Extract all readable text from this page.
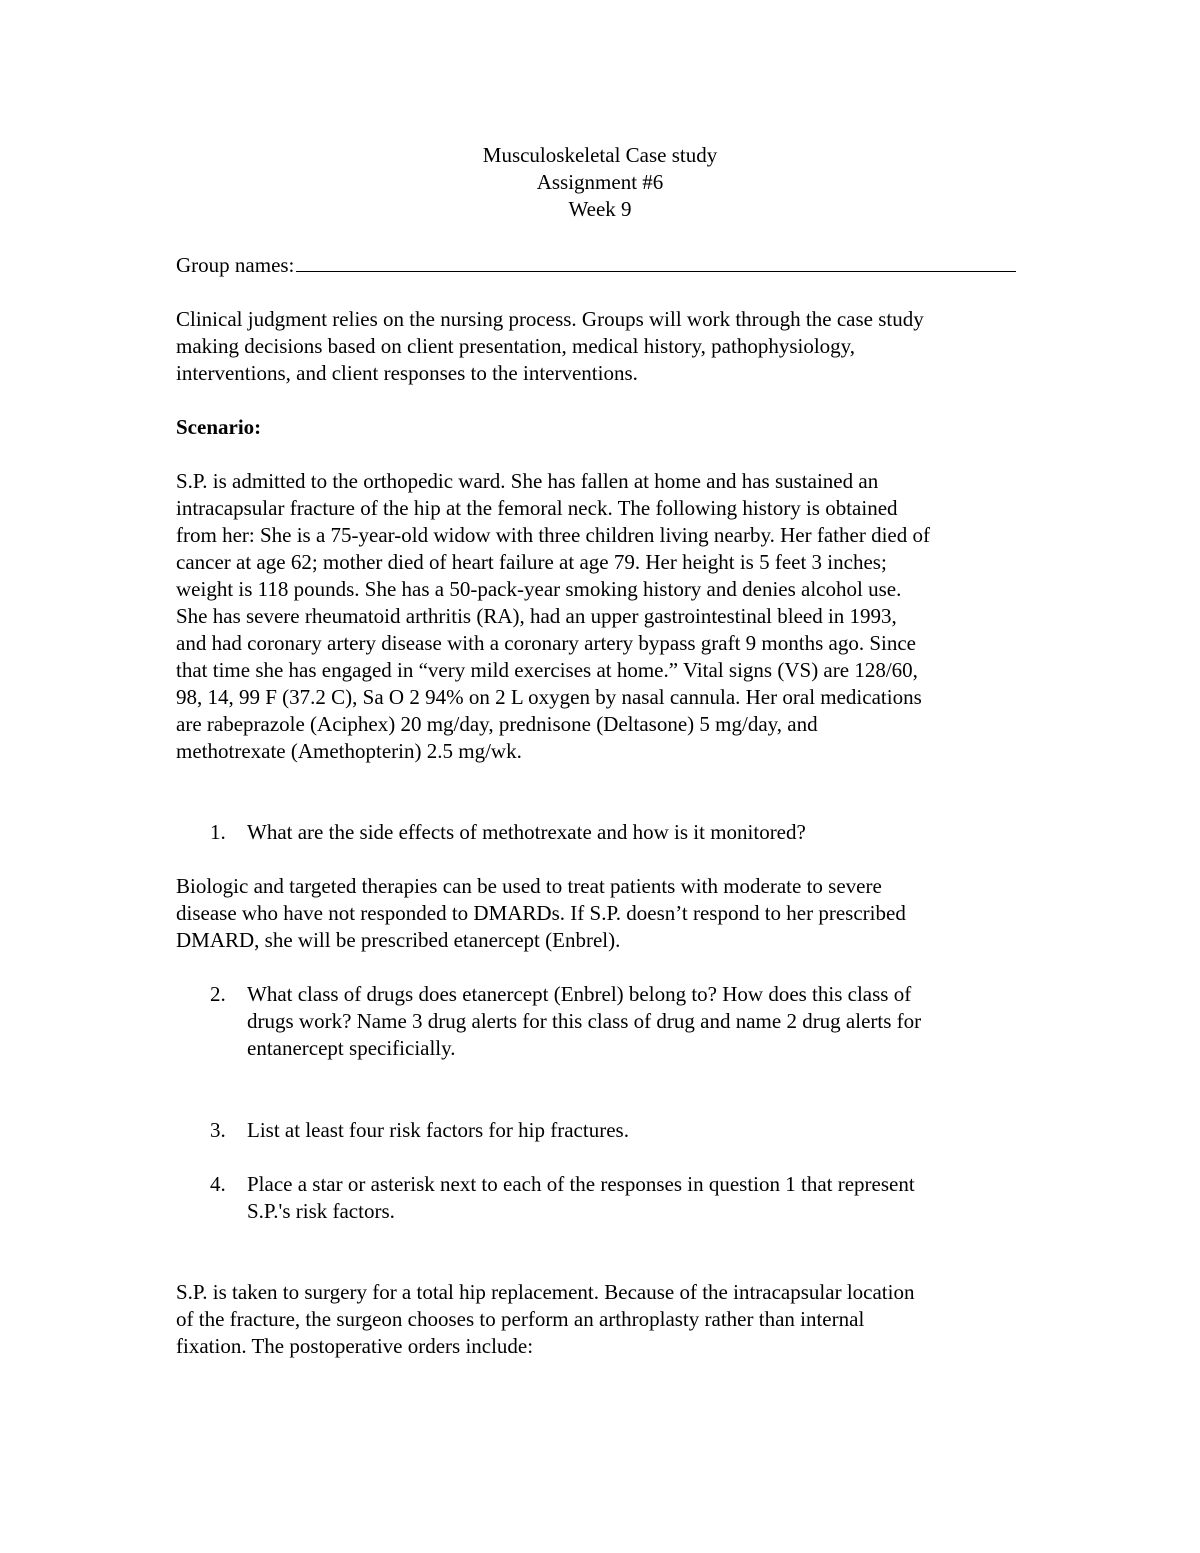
Musculoskeletal Case study
Assignment #6
Week 9
Group names:
Clinical judgment relies on the nursing process. Groups will work through the case study
making decisions based on client presentation, medical history, pathophysiology,
interventions, and client responses to the interventions.
Scenario:
S.P. is admitted to the orthopedic ward. She has fallen at home and has sustained an
intracapsular fracture of the hip at the femoral neck. The following history is obtained
from her: She is a 75-year-old widow with three children living nearby. Her father died of
cancer at age 62; mother died of heart failure at age 79. Her height is 5 feet 3 inches;
weight is 118 pounds. She has a 50-pack-year smoking history and denies alcohol use.
She has severe rheumatoid arthritis (RA), had an upper gastrointestinal bleed in 1993,
and had coronary artery disease with a coronary artery bypass graft 9 months ago. Since
that time she has engaged in “very mild exercises at home.” Vital signs (VS) are 128/60,
98, 14, 99 F (37.2 C), Sa O 2 94% on 2 L oxygen by nasal cannula. Her oral medications
are rabeprazole (Aciphex) 20 mg/day, prednisone (Deltasone) 5 mg/day, and
methotrexate (Amethopterin) 2.5 mg/wk.
1.	What are the side effects of methotrexate and how is it monitored?
Biologic and targeted therapies can be used to treat patients with moderate to severe
disease who have not responded to DMARDs. If S.P. doesn’t respond to her prescribed
DMARD, she will be prescribed etanercept (Enbrel).
2.	What class of drugs does etanercept (Enbrel) belong to? How does this class of
drugs work? Name 3 drug alerts for this class of drug and name 2 drug alerts for
entanercept specificially.
3.	List at least four risk factors for hip fractures.
4.	Place a star or asterisk next to each of the responses in question 1 that represent
S.P.'s risk factors.
S.P. is taken to surgery for a total hip replacement. Because of the intracapsular location
of the fracture, the surgeon chooses to perform an arthroplasty rather than internal
fixation. The postoperative orders include:
